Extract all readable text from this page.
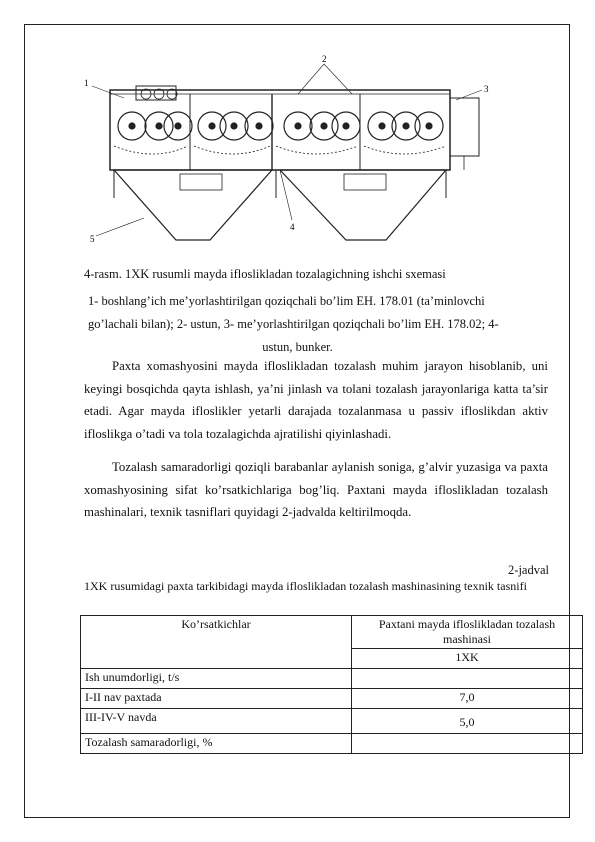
1
2
3
4
5
4-rasm. 1XK rusumli mayda ifloslikladan tozalagichning ishchi sxemasi
1- boshlang’ich me’yorlashtirilgan qoziqchali bo’lim EH. 178.01 (ta’minlovchi
go’lachali bilan); 2- ustun, 3- me’yorlashtirilgan qoziqchali bo’lim EH. 178.02; 4-
ustun, bunker.
Paxta xomashyosini mayda ifloslikladan tozalash muhim jarayon hisoblanib, uni keyingi bosqichda qayta ishlash, ya’ni jinlash va tolani tozalash jarayonlariga katta ta’sir etadi. Agar mayda ifloslikler yetarli darajada tozalanmasa u passiv ifloslikdan aktiv ifloslikga o’tadi va tola tozalagichda ajratilishi qiyinlashadi.
Tozalash samaradorligi qoziqli barabanlar aylanish soniga, g’alvir yuzasiga va paxta xomashyosining sifat ko’rsatkichlariga bog’liq. Paxtani mayda ifloslikladan tozalash mashinalari, texnik tasniflari quyidagi 2-jadvalda keltirilmoqda.
2-jadval
1XK rusumidagi paxta tarkibidagi mayda ifloslikladan tozalash mashinasining texnik tasnifi
Ko’rsatkichlar	Paxtani mayda ifloslikladan tozalash mashinasi
	1XK
Ish unumdorligi, t/s	
I-II nav paxtada	7,0
III-IV-V navda	5,0
Tozalash samaradorligi, %	
